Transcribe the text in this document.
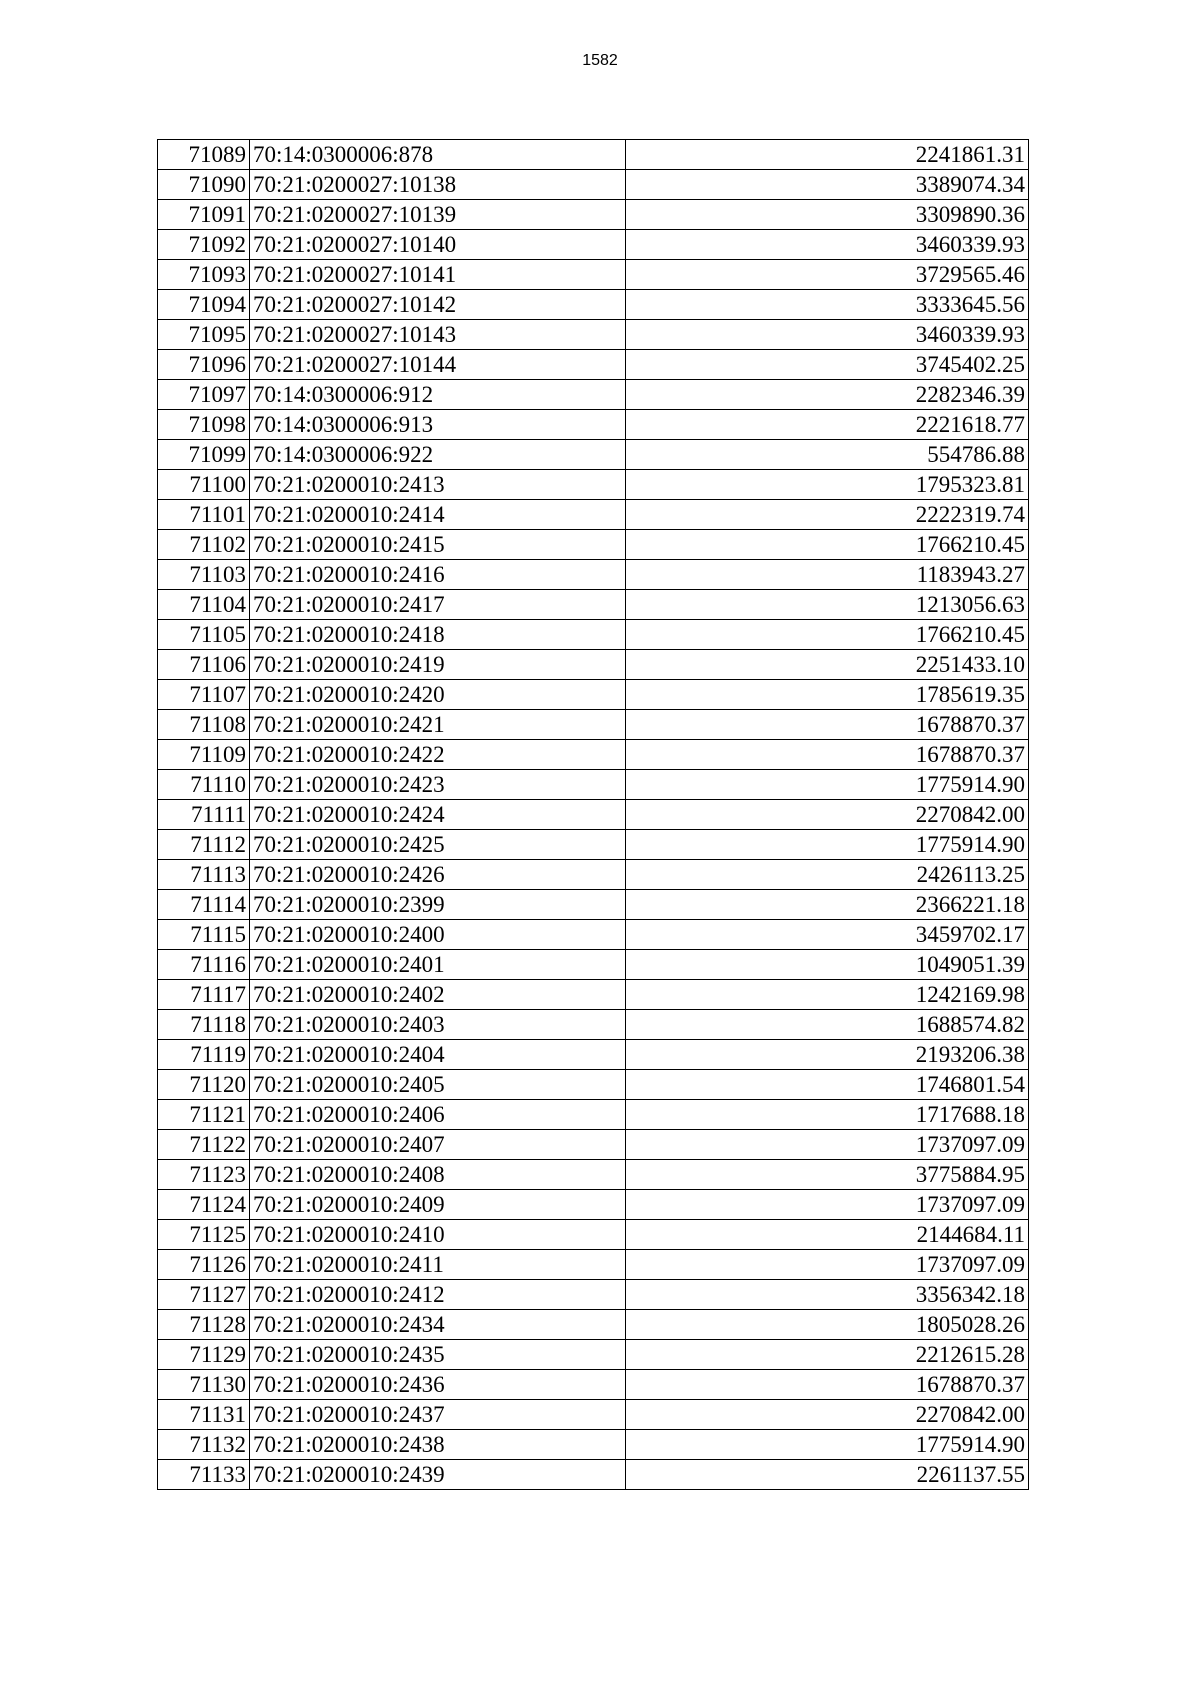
1582
71089	70:14:0300006:878	2241861.31
71090	70:21:0200027:10138	3389074.34
71091	70:21:0200027:10139	3309890.36
71092	70:21:0200027:10140	3460339.93
71093	70:21:0200027:10141	3729565.46
71094	70:21:0200027:10142	3333645.56
71095	70:21:0200027:10143	3460339.93
71096	70:21:0200027:10144	3745402.25
71097	70:14:0300006:912	2282346.39
71098	70:14:0300006:913	2221618.77
71099	70:14:0300006:922	554786.88
71100	70:21:0200010:2413	1795323.81
71101	70:21:0200010:2414	2222319.74
71102	70:21:0200010:2415	1766210.45
71103	70:21:0200010:2416	1183943.27
71104	70:21:0200010:2417	1213056.63
71105	70:21:0200010:2418	1766210.45
71106	70:21:0200010:2419	2251433.10
71107	70:21:0200010:2420	1785619.35
71108	70:21:0200010:2421	1678870.37
71109	70:21:0200010:2422	1678870.37
71110	70:21:0200010:2423	1775914.90
71111	70:21:0200010:2424	2270842.00
71112	70:21:0200010:2425	1775914.90
71113	70:21:0200010:2426	2426113.25
71114	70:21:0200010:2399	2366221.18
71115	70:21:0200010:2400	3459702.17
71116	70:21:0200010:2401	1049051.39
71117	70:21:0200010:2402	1242169.98
71118	70:21:0200010:2403	1688574.82
71119	70:21:0200010:2404	2193206.38
71120	70:21:0200010:2405	1746801.54
71121	70:21:0200010:2406	1717688.18
71122	70:21:0200010:2407	1737097.09
71123	70:21:0200010:2408	3775884.95
71124	70:21:0200010:2409	1737097.09
71125	70:21:0200010:2410	2144684.11
71126	70:21:0200010:2411	1737097.09
71127	70:21:0200010:2412	3356342.18
71128	70:21:0200010:2434	1805028.26
71129	70:21:0200010:2435	2212615.28
71130	70:21:0200010:2436	1678870.37
71131	70:21:0200010:2437	2270842.00
71132	70:21:0200010:2438	1775914.90
71133	70:21:0200010:2439	2261137.55
